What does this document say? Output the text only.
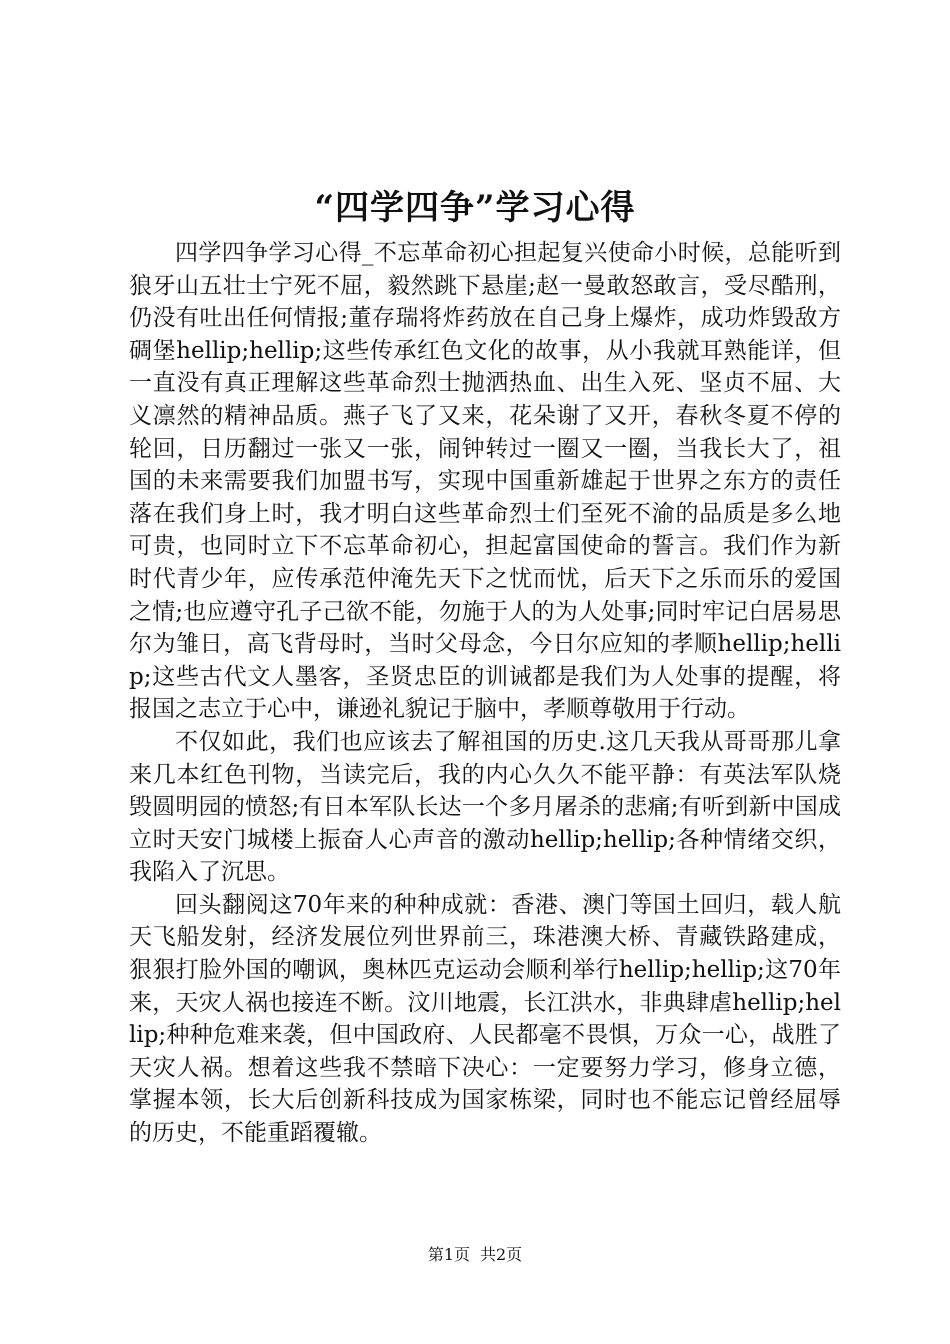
“四学四争”学习心得

四学四争学习心得_不忘革命初心担起复兴使命小时候，总能听到狼牙山五壮士宁死不屈，毅然跳下悬崖;赵一曼敢怒敢言，受尽酷刑，仍没有吐出任何情报;董存瑞将炸药放在自己身上爆炸，成功炸毁敌方碉堡hellip;hellip;这些传承红色文化的故事，从小我就耳熟能详，但一直没有真正理解这些革命烈士抛洒热血、出生入死、坚贞不屈、大义凛然的精神品质。燕子飞了又来，花朵谢了又开，春秋冬夏不停的轮回，日历翻过一张又一张，闹钟转过一圈又一圈，当我长大了，祖国的未来需要我们加盟书写，实现中国重新雄起于世界之东方的责任落在我们身上时，我才明白这些革命烈士们至死不渝的品质是多么地可贵，也同时立下不忘革命初心，担起富国使命的誓言。我们作为新时代青少年，应传承范仲淹先天下之忧而忧，后天下之乐而乐的爱国之情;也应遵守孔子己欲不能，勿施于人的为人处事;同时牢记白居易思尔为雏日，高飞背母时，当时父母念，今日尔应知的孝顺hellip;hellip;这些古代文人墨客，圣贤忠臣的训诫都是我们为人处事的提醒，将报国之志立于心中，谦逊礼貌记于脑中，孝顺尊敬用于行动。

不仅如此，我们也应该去了解祖国的历史.这几天我从哥哥那儿拿来几本红色刊物，当读完后，我的内心久久不能平静：有英法军队烧毁圆明园的愤怒;有日本军队长达一个多月屠杀的悲痛;有听到新中国成立时天安门城楼上振奋人心声音的激动hellip;hellip;各种情绪交织，我陷入了沉思。

回头翻阅这70年来的种种成就：香港、澳门等国土回归，载人航天飞船发射，经济发展位列世界前三，珠港澳大桥、青藏铁路建成，狠狠打脸外国的嘲讽，奥林匹克运动会顺利举行hellip;hellip;这70年来，天灾人祸也接连不断。汶川地震，长江洪水，非典肆虐hellip;hellip;种种危难来袭，但中国政府、人民都毫不畏惧，万众一心，战胜了天灾人祸。想着这些我不禁暗下决心：一定要努力学习，修身立德，掌握本领，长大后创新科技成为国家栋梁，同时也不能忘记曾经屈辱的历史，不能重蹈覆辙。

第1页 共2页
